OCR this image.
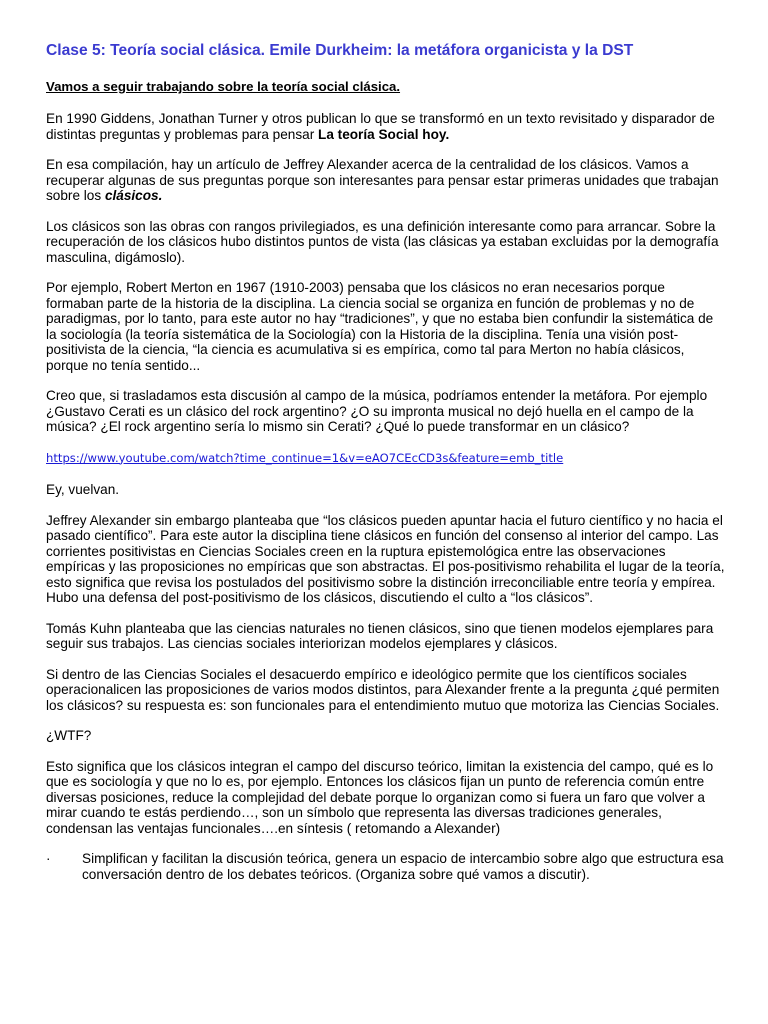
Clase 5: Teoría social clásica. Emile Durkheim: la metáfora organicista y la DST
Vamos a seguir trabajando sobre la teoría social clásica.

En 1990 Giddens, Jonathan Turner y otros publican lo que se transformó en un texto revisitado y disparador de distintas preguntas y problemas para pensar La teoría Social hoy.

En esa compilación, hay un artículo de Jeffrey Alexander acerca de la centralidad de los clásicos. Vamos a recuperar algunas de sus preguntas porque son interesantes para pensar estar primeras unidades que trabajan sobre los clásicos.

Los clásicos son las obras con rangos privilegiados, es una definición interesante como para arrancar. Sobre la recuperación de los clásicos hubo distintos puntos de vista (las clásicas ya estaban excluidas por la demografía masculina, digámoslo).

Por ejemplo, Robert Merton en 1967 (1910-2003) pensaba que los clásicos no eran necesarios porque formaban parte de la historia de la disciplina. La ciencia social se organiza en función de problemas y no de paradigmas, por lo tanto, para este autor no hay “tradiciones”, y que no estaba bien confundir la sistemática de la sociología (la teoría sistemática de la Sociología) con la Historia de la disciplina. Tenía una visión post-positivista de la ciencia, “la ciencia es acumulativa si es empírica, como tal para Merton no había clásicos, porque no tenía sentido...

Creo que, si trasladamos esta discusión al campo de la música, podríamos entender la metáfora. Por ejemplo ¿Gustavo Cerati es un clásico del rock argentino? ¿O su impronta musical no dejó huella en el campo de la música? ¿El rock argentino sería lo mismo sin Cerati? ¿Qué lo puede transformar en un clásico?

https://www.youtube.com/watch?time_continue=1&v=eAO7CEcCD3s&feature=emb_title

Ey, vuelvan.

Jeffrey Alexander sin embargo planteaba que “los clásicos pueden apuntar hacia el futuro científico y no hacia el pasado científico”. Para este autor la disciplina tiene clásicos en función del consenso al interior del campo. Las corrientes positivistas en Ciencias Sociales creen en la ruptura epistemológica entre las observaciones empíricas y las proposiciones no empíricas que son abstractas. El pos-positivismo rehabilita el lugar de la teoría, esto significa que revisa los postulados del positivismo sobre la distinción irreconciliable entre teoría y empírea. Hubo una defensa del post-positivismo de los clásicos, discutiendo el culto a “los clásicos”.

Tomás Kuhn planteaba que las ciencias naturales no tienen clásicos, sino que tienen modelos ejemplares para seguir sus trabajos. Las ciencias sociales interiorizan modelos ejemplares y clásicos.

Si dentro de las Ciencias Sociales el desacuerdo empírico e ideológico permite que los científicos sociales operacionalicen las proposiciones de varios modos distintos, para Alexander frente a la pregunta ¿qué permiten los clásicos? su respuesta es: son funcionales para el entendimiento mutuo que motoriza las Ciencias Sociales.

¿WTF?

Esto significa que los clásicos integran el campo del discurso teórico, limitan la existencia del campo, qué es lo que es sociología y que no lo es, por ejemplo. Entonces los clásicos fijan un punto de referencia común entre diversas posiciones, reduce la complejidad del debate porque lo organizan como si fuera un faro que volver a mirar cuando te estás perdiendo…, son un símbolo que representa las diversas tradiciones generales, condensan las ventajas funcionales….en síntesis ( retomando a Alexander)

·	Simplifican y facilitan la discusión teórica, genera un espacio de intercambio sobre algo que estructura esa conversación dentro de los debates teóricos. (Organiza sobre qué vamos a discutir).
